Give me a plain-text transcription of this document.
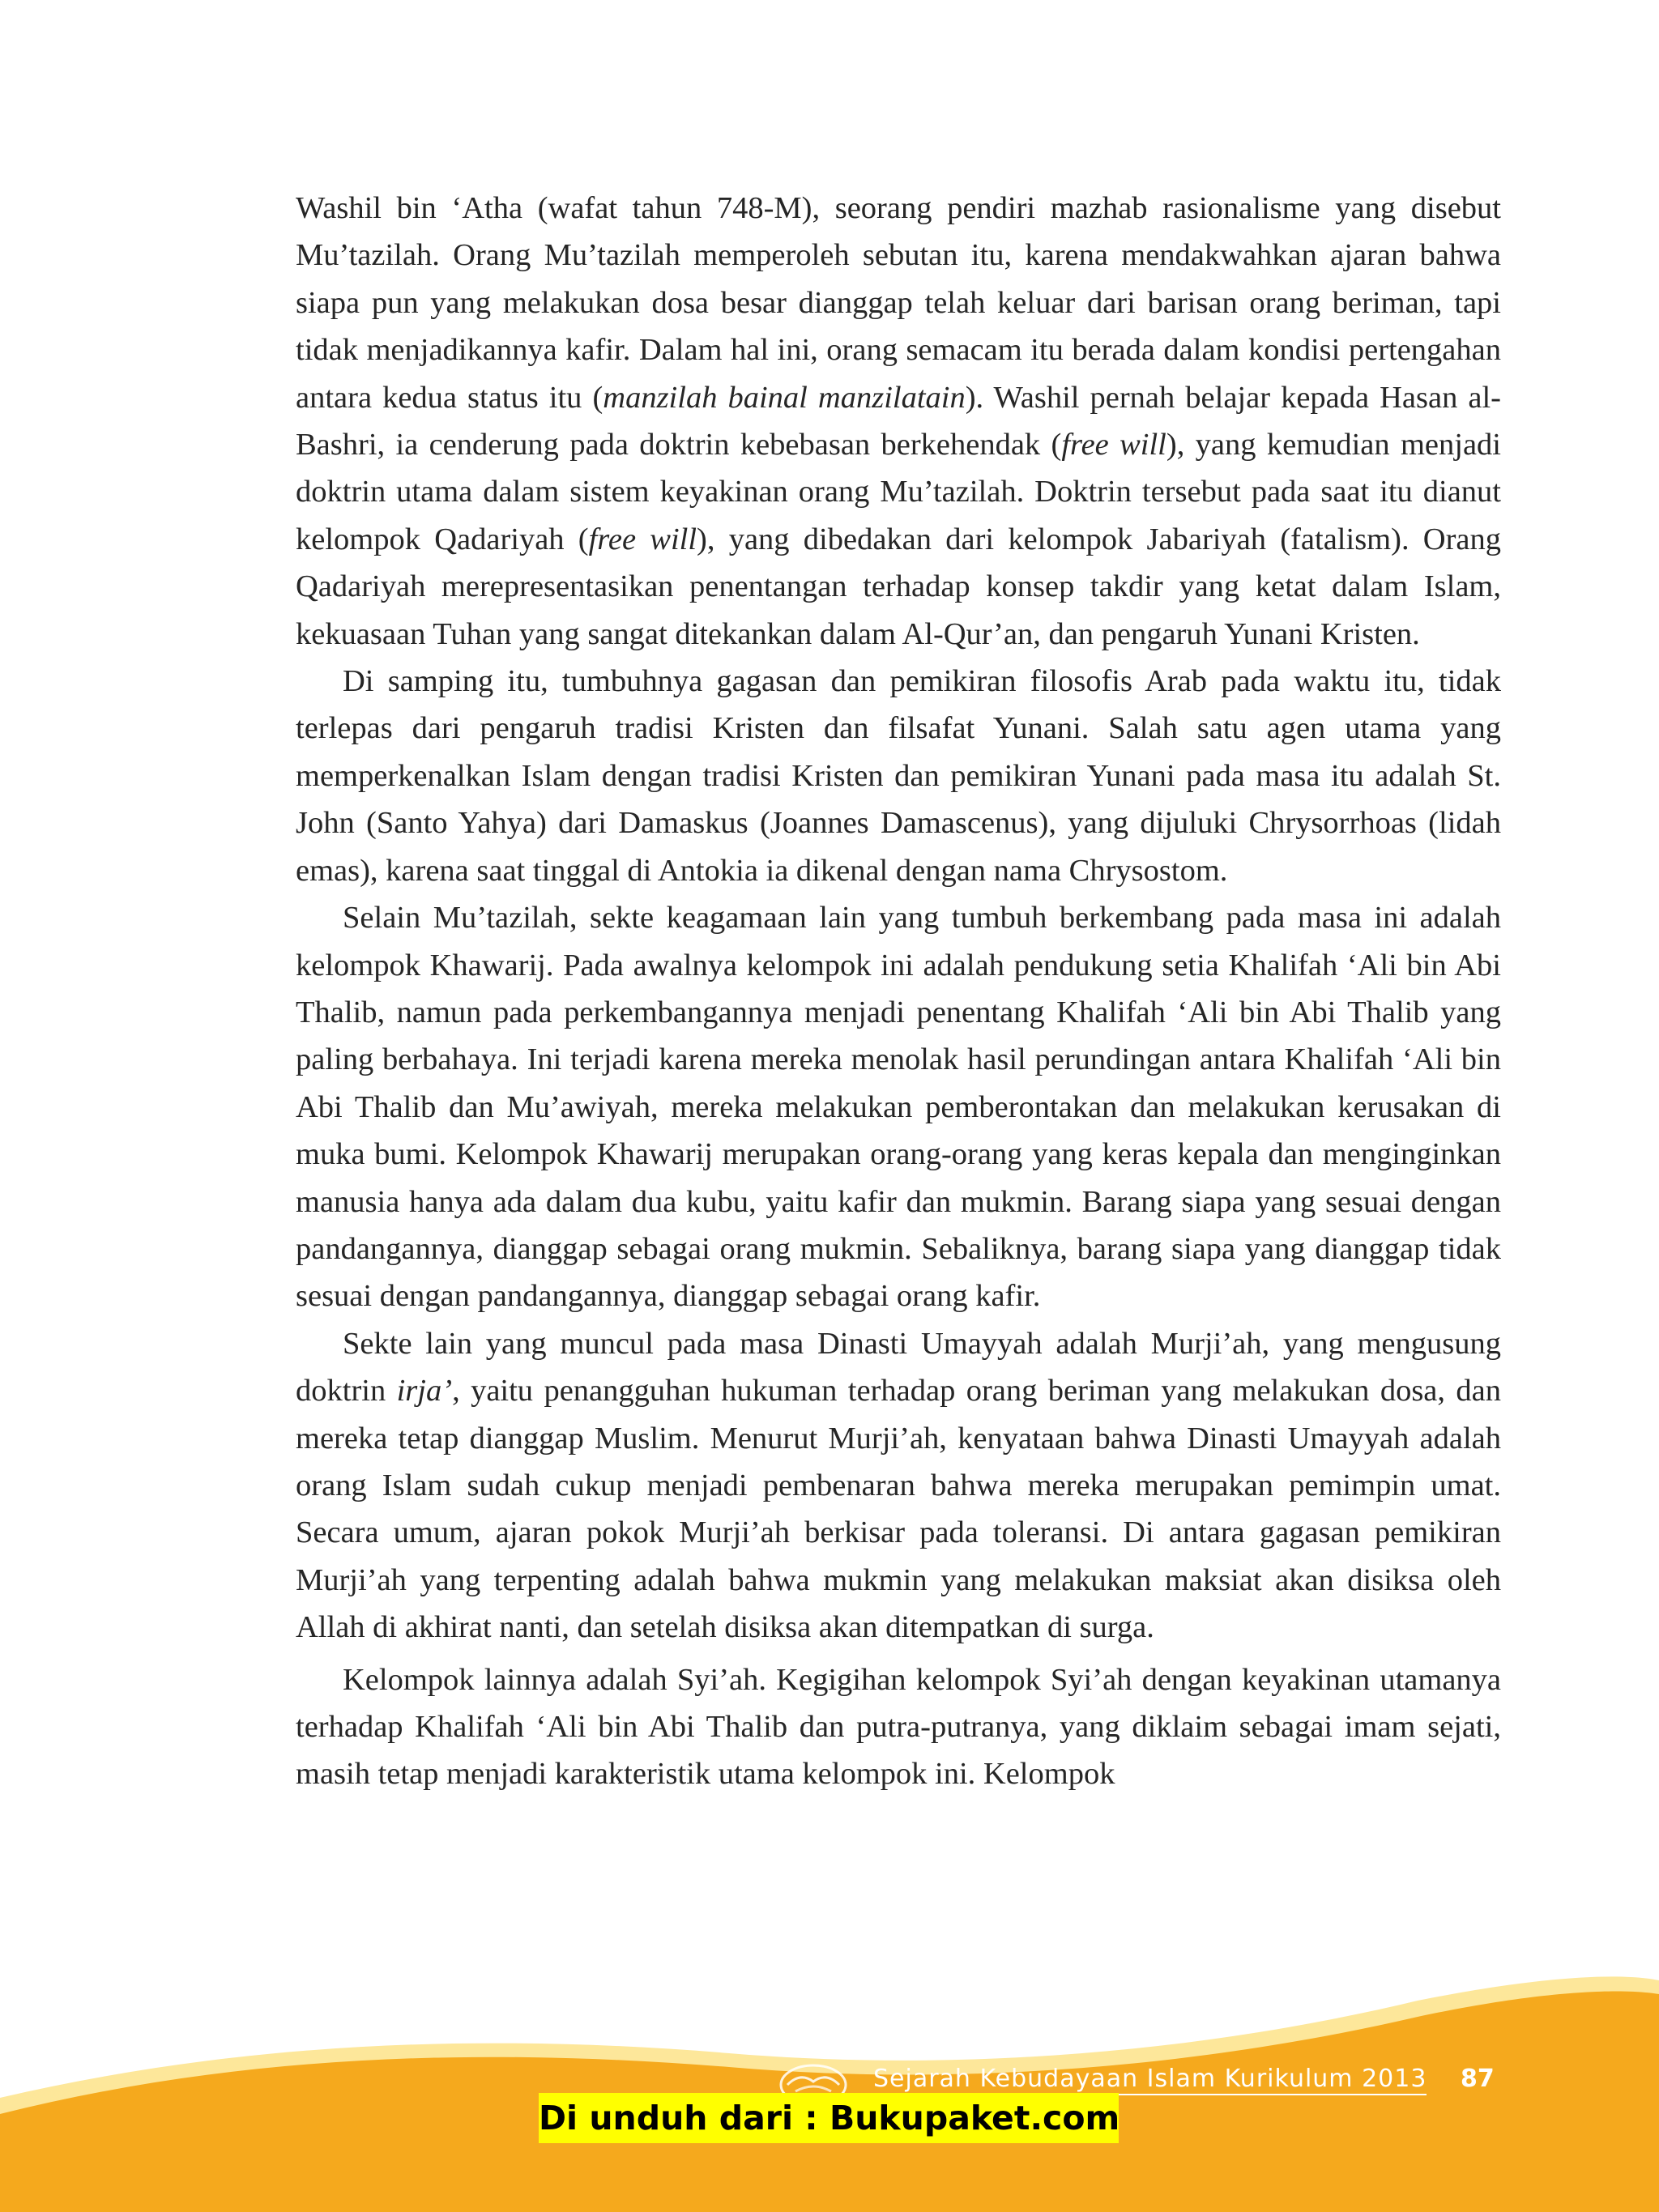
Washil bin ‘Atha (wafat tahun 748-M), seorang pendiri mazhab rasionalisme yang disebut Mu’tazilah. Orang Mu’tazilah memperoleh sebutan itu, karena mendakwahkan ajaran bahwa siapa pun yang melakukan dosa besar dianggap telah keluar dari barisan orang beriman, tapi tidak menjadikannya kafir. Dalam hal ini, orang semacam itu berada dalam kondisi pertengahan antara kedua status itu (manzilah bainal manzilatain). Washil pernah belajar kepada Hasan al-Bashri, ia cenderung pada doktrin kebebasan berkehendak (free will), yang kemudian menjadi doktrin utama dalam sistem keyakinan orang Mu’tazilah. Doktrin tersebut pada saat itu dianut kelompok Qadariyah (free will), yang dibedakan dari kelompok Jabariyah (fatalism). Orang Qadariyah merepresentasikan penentangan terhadap konsep takdir yang ketat dalam Islam, kekuasaan Tuhan yang sangat ditekankan dalam Al-Qur’an, dan pengaruh Yunani Kristen.

Di samping itu, tumbuhnya gagasan dan pemikiran filosofis Arab pada waktu itu, tidak terlepas dari pengaruh tradisi Kristen dan filsafat Yunani. Salah satu agen utama yang memperkenalkan Islam dengan tradisi Kristen dan pemikiran Yunani pada masa itu adalah St. John (Santo Yahya) dari Damaskus (Joannes Damascenus), yang dijuluki Chrysorrhoas (lidah emas), karena saat tinggal di Antokia ia dikenal dengan nama Chrysostom.

Selain Mu’tazilah, sekte keagamaan lain yang tumbuh berkembang pada masa ini adalah kelompok Khawarij. Pada awalnya kelompok ini adalah pendukung setia Khalifah ‘Ali bin Abi Thalib, namun pada perkembangannya menjadi penentang Khalifah ‘Ali bin Abi Thalib yang paling berbahaya. Ini terjadi karena mereka menolak hasil perundingan antara Khalifah ‘Ali bin Abi Thalib dan Mu’awiyah, mereka melakukan pemberontakan dan melakukan kerusakan di muka bumi. Kelompok Khawarij merupakan orang-orang yang keras kepala dan menginginkan manusia hanya ada dalam dua kubu, yaitu kafir dan mukmin. Barang siapa yang sesuai dengan pandangannya, dianggap sebagai orang mukmin. Sebaliknya, barang siapa yang dianggap tidak sesuai dengan pandangannya, dianggap sebagai orang kafir.

Sekte lain yang muncul pada masa Dinasti Umayyah adalah Murji’ah, yang mengusung doktrin irja’, yaitu penangguhan hukuman terhadap orang beriman yang melakukan dosa, dan mereka tetap dianggap Muslim. Menurut Murji’ah, kenyataan bahwa Dinasti Umayyah adalah orang Islam sudah cukup menjadi pembenaran bahwa mereka merupakan pemimpin umat. Secara umum, ajaran pokok Murji’ah berkisar pada toleransi. Di antara gagasan pemikiran Murji’ah yang terpenting adalah bahwa mukmin yang melakukan maksiat akan disiksa oleh Allah di akhirat nanti, dan setelah disiksa akan ditempatkan di surga.

Kelompok lainnya adalah Syi’ah. Kegigihan kelompok Syi’ah dengan keyakinan utamanya terhadap Khalifah ‘Ali bin Abi Thalib dan putra-putranya, yang diklaim sebagai imam sejati, masih tetap menjadi karakteristik utama kelompok ini. Kelompok

Sejarah Kebudayaan Islam Kurikulum 2013 87
Di unduh dari : Bukupaket.com
